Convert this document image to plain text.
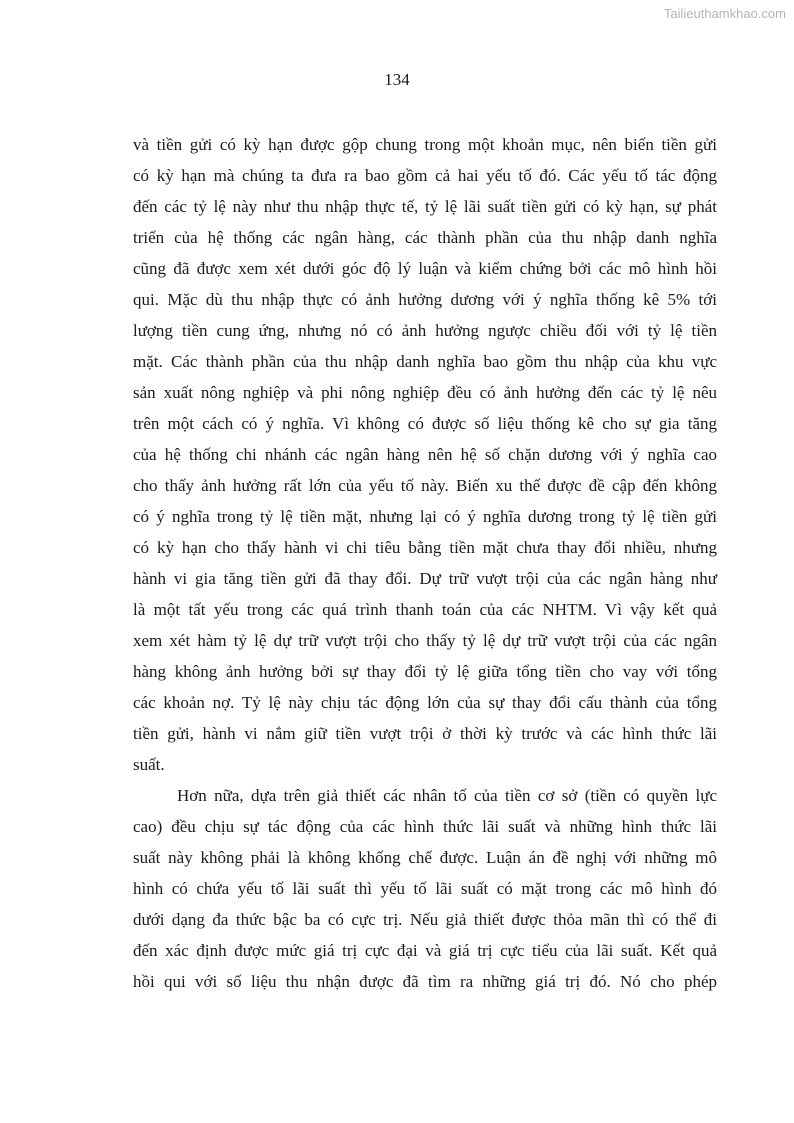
Tailieuthamkhao.com
134

và tiền gửi có kỳ hạn được gộp chung trong một khoản mục, nên biến tiền gửi
có kỳ hạn mà chúng ta đưa ra bao gồm cả hai yếu tố đó. Các yếu tố tác động
đến các tỷ lệ này như thu nhập thực tế, tỷ lệ lãi suất tiền gửi có kỳ hạn, sự phát
triển của hệ thống các ngân hàng, các thành phần của thu nhập danh nghĩa
cũng đã được xem xét dưới góc độ lý luận và kiểm chứng bởi các mô hình hồi
qui. Mặc dù thu nhập thực có ảnh hưởng dương với ý nghĩa thống kê 5% tới
lượng tiền cung ứng, nhưng nó có ảnh hưởng ngược chiều đối với tỷ lệ tiền
mặt. Các thành phần của thu nhập danh nghĩa bao gồm thu nhập của khu vực
sản xuất nông nghiệp và phi nông nghiệp đều có ảnh hưởng đến các tỷ lệ nêu
trên một cách có ý nghĩa. Vì không có được số liệu thống kê cho sự gia tăng
của hệ thống chi nhánh các ngân hàng nên hệ số chặn dương với ý nghĩa cao
cho thấy ảnh hưởng rất lớn của yếu tố này. Biến xu thế được đề cập đến không
có ý nghĩa trong tỷ lệ tiền mặt, nhưng lại có ý nghĩa dương trong tỷ lệ tiền gửi
có kỳ hạn cho thấy hành vi chi tiêu bằng tiền mặt chưa thay đổi nhiều, nhưng
hành vi gia tăng tiền gửi đã thay đổi. Dự trữ vượt trội của các ngân hàng như
là một tất yếu trong các quá trình thanh toán của các NHTM. Vì vậy kết quả
xem xét hàm tỷ lệ dự trữ vượt trội cho thấy tỷ lệ dự trữ vượt trội của các ngân
hàng không ảnh hưởng bởi sự thay đổi tỷ lệ giữa tổng tiền cho vay với tổng
các khoản nợ. Tỷ lệ này chịu tác động lớn của sự thay đổi cấu thành của tổng
tiền gửi, hành vi nắm giữ tiền vượt trội ở thời kỳ trước và các hình thức lãi
suất.

Hơn nữa, dựa trên giả thiết các nhân tố của tiền cơ sở (tiền có quyền lực
cao) đều chịu sự tác động của các hình thức lãi suất và những hình thức lãi
suất này không phải là không khống chế được. Luận án đề nghị với những mô
hình có chứa yếu tố lãi suất thì yếu tố lãi suất có mặt trong các mô hình đó
dưới dạng đa thức bậc ba có cực trị. Nếu giả thiết được thỏa mãn thì có thể đi
đến xác định được mức giá trị cực đại và giá trị cực tiểu của lãi suất. Kết quả
hồi qui với số liệu thu nhận được đã tìm ra những giá trị đó. Nó cho phép
